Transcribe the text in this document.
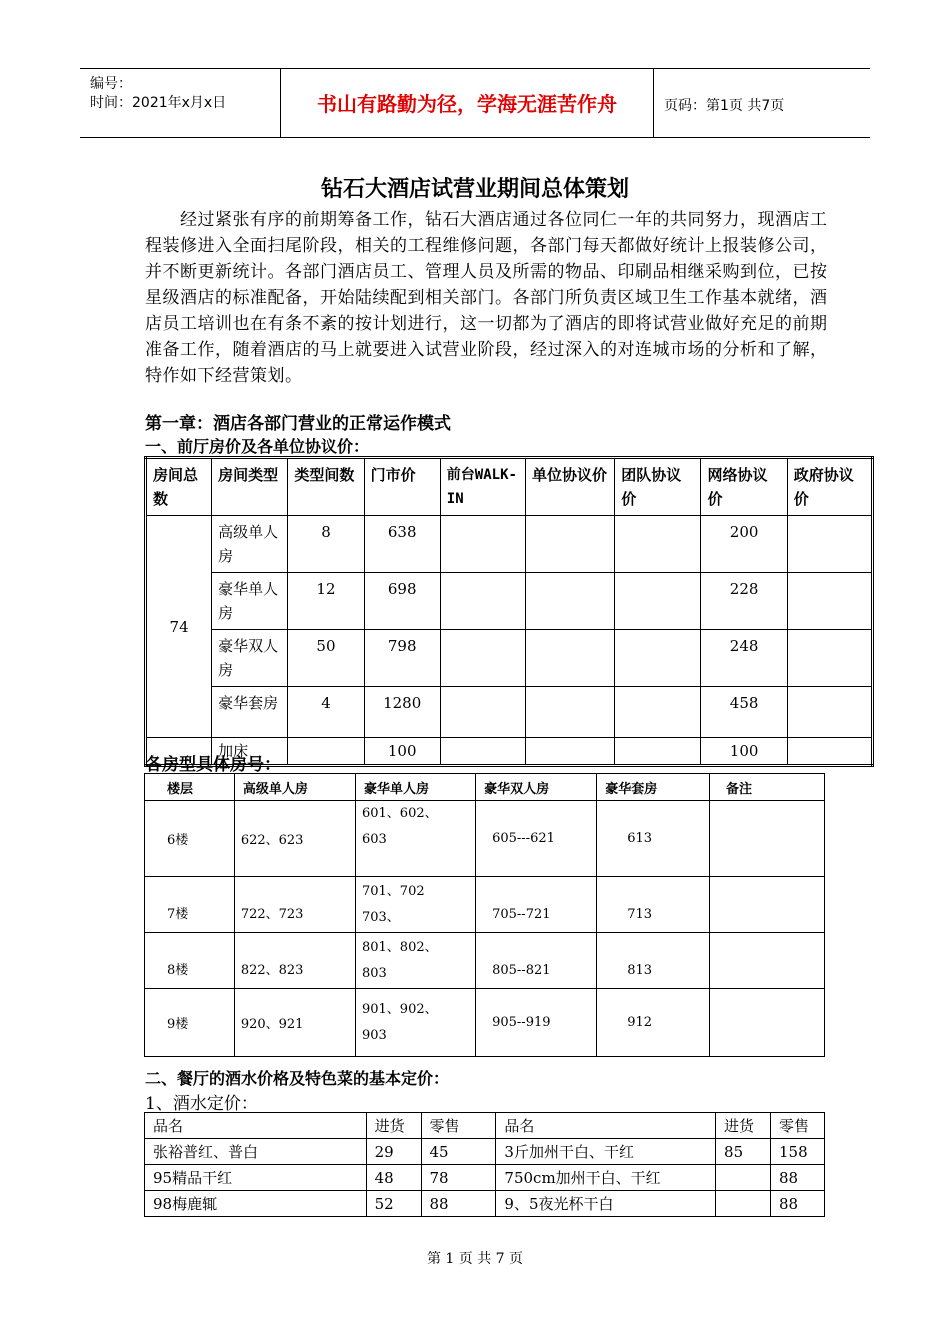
编号：
时间：2021年x月x日	书山有路勤为径，学海无涯苦作舟	页码：第1页 共7页
钻石大酒店试营业期间总体策划
经过紧张有序的前期筹备工作，钻石大酒店通过各位同仁一年的共同努力，现酒店工程装修进入全面扫尾阶段，相关的工程维修问题，各部门每天都做好统计上报装修公司，并不断更新统计。各部门酒店员工、管理人员及所需的物品、印刷品相继采购到位，已按星级酒店的标准配备，开始陆续配到相关部门。各部门所负责区域卫生工作基本就绪，酒店员工培训也在有条不紊的按计划进行，这一切都为了酒店的即将试营业做好充足的前期准备工作，随着酒店的马上就要进入试营业阶段，经过深入的对连城市场的分析和了解，特作如下经营策划。
第一章：酒店各部门营业的正常运作模式
一、前厅房价及各单位协议价：
房间总数	房间类型	类型间数	门市价	前台WALK-IN	单位协议价	团队协议价	网络协议价	政府协议价
74	高级单人房	8	638				200	
	豪华单人房	12	698				228	
	豪华双人房	50	798				248	
	豪华套房	4	1280				458	
	加床		100				100	
各房型具体房号：
楼层	高级单人房	豪华单人房	豪华双人房	豪华套房	备注
6楼	622、623	601、602、
603	605---621	613	
7楼	722、723	701、702
703、	705--721	713	
8楼	822、823	801、802、
803	805--821	813	
9楼	920、921	901、902、
903	905--919	912	
二、餐厅的酒水价格及特色菜的基本定价：
1、酒水定价：
品名	进货	零售	品名	进货	零售
张裕普红、普白	29	45	3斤加州干白、干红	85	158
95精品干红	48	78	750cm加州干白、干红		88
98梅鹿辄	52	88	9、5夜光杯干白		88
第 1 页 共 7 页
